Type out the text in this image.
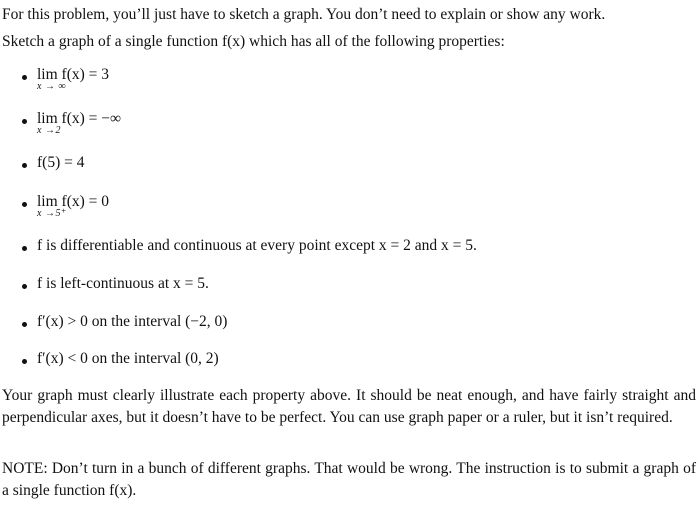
For this problem, you’ll just have to sketch a graph. You don’t need to explain or show any work.
Sketch a graph of a single function f(x) which has all of the following properties:
lim f(x) = 3
x → ∞
lim f(x) = −∞
x →2
f(5) = 4
lim f(x) = 0
x →5⁺
f is differentiable and continuous at every point except x = 2 and x = 5.
f is left-continuous at x = 5.
f′(x) > 0 on the interval (−2, 0)
f′(x) < 0 on the interval (0, 2)
Your graph must clearly illustrate each property above. It should be neat enough, and have fairly straight and perpendicular axes, but it doesn’t have to be perfect. You can use graph paper or a ruler, but it isn’t required.
NOTE: Don’t turn in a bunch of different graphs. That would be wrong. The instruction is to submit a graph of a single function f(x).
